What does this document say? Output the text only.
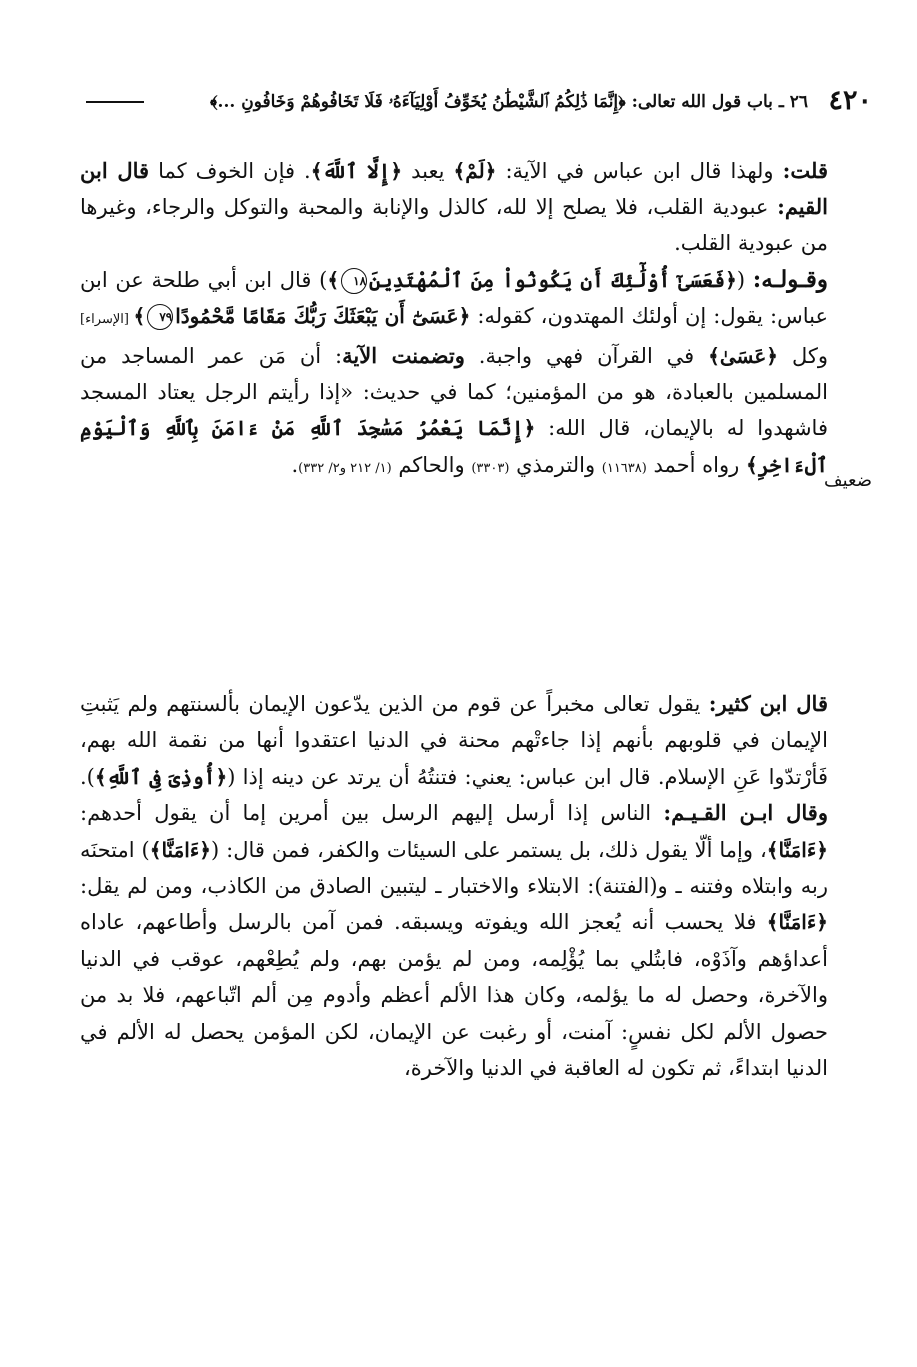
٤٢٠
٢٦ ـ باب قول الله تعالى: ﴿إِنَّمَا ذَٰلِكُمُ ٱلشَّيْطَٰنُ يُخَوِّفُ أَوْلِيَآءَهُۥ فَلَا تَخَافُوهُمْ وَخَافُونِ ...﴾
ضعيف

قلت: ولهذا قال ابن عباس في الآية: ﴿لَمْ﴾ يعبد ﴿إِلَّا ٱللَّهَ﴾. فإن الخوف كما قال ابن القيم: عبودية القلب، فلا يصلح إلا لله، كالذل والإنابة والمحبة والتوكل والرجاء، وغيرها من عبودية القلب.

وقـولـه: (﴿فَعَسَىٰٓ أُوْلَٰٓئِكَ أَن يَكُونُواْ مِنَ ٱلْمُهْتَدِينَ١٨﴾) قال ابن أبي طلحة عن ابن عباس: يقول: إن أولئك المهتدون، كقوله: ﴿عَسَىٰٓ أَن يَبْعَثَكَ رَبُّكَ مَقَامًا مَّحْمُودًا٧٩﴾ [الإسراء] وكل ﴿عَسَىٰ﴾ في القرآن فهي واجبة. وتضمنت الآية: أن مَن عمر المساجد من المسلمين بالعبادة، هو من المؤمنين؛ كما في حديث: «إذا رأيتم الرجل يعتاد المسجد فاشهدوا له بالإيمان، قال الله: ﴿إِنَّمَا يَعْمُرُ مَسَٰجِدَ ٱللَّهِ مَنْ ءَامَنَ بِٱللَّهِ وَٱلْيَوْمِ ٱلْءَاخِرِ﴾ رواه أحمد (١١٦٣٨) والترمذي (٣٣٠٣) والحاكم (١/ ٢١٢ و٢/ ٣٣٢).

قال ابن كثير: يقول تعالى مخبراً عن قوم من الذين يدّعون الإيمان بألسنتهم ولم يَثبتِ الإيمان في قلوبهم بأنهم إذا جاءتْهم محنة في الدنيا اعتقدوا أنها من نقمة الله بهم، فَأرْتدّوا عَنِ الإسلام. قال ابن عباس: يعني: فتنتُهُ أن يرتد عن دينه إذا (﴿أُوذِىَ فِى ٱللَّهِ﴾). وقال ابـن القـيـم: الناس إذا أرسل إليهم الرسل بين أمرين إما أن يقول أحدهم: ﴿ءَامَنَّا﴾، وإما ألّا يقول ذلك، بل يستمر على السيئات والكفر، فمن قال: (﴿ءَامَنَّا﴾) امتحنَه ربه وابتلاه وفتنه ـ و(الفتنة): الابتلاء والاختبار ـ ليتبين الصادق من الكاذب، ومن لم يقل: ﴿ءَامَنَّا﴾ فلا يحسب أنه يُعجز الله ويفوته ويسبقه. فمن آمن بالرسل وأطاعهم، عاداه أعداؤهم وآذَوْه، فابتُلي بما يُؤْلِمه، ومن لم يؤمن بهم، ولم يُطِعْهم، عوقب في الدنيا والآخرة، وحصل له ما يؤلمه، وكان هذا الألم أعظم وأدوم مِن ألم اتّباعهم، فلا بد من حصول الألم لكل نفسٍ: آمنت، أو رغبت عن الإيمان، لكن المؤمن يحصل له الألم في الدنيا ابتداءً، ثم تكون له العاقبة في الدنيا والآخرة،
